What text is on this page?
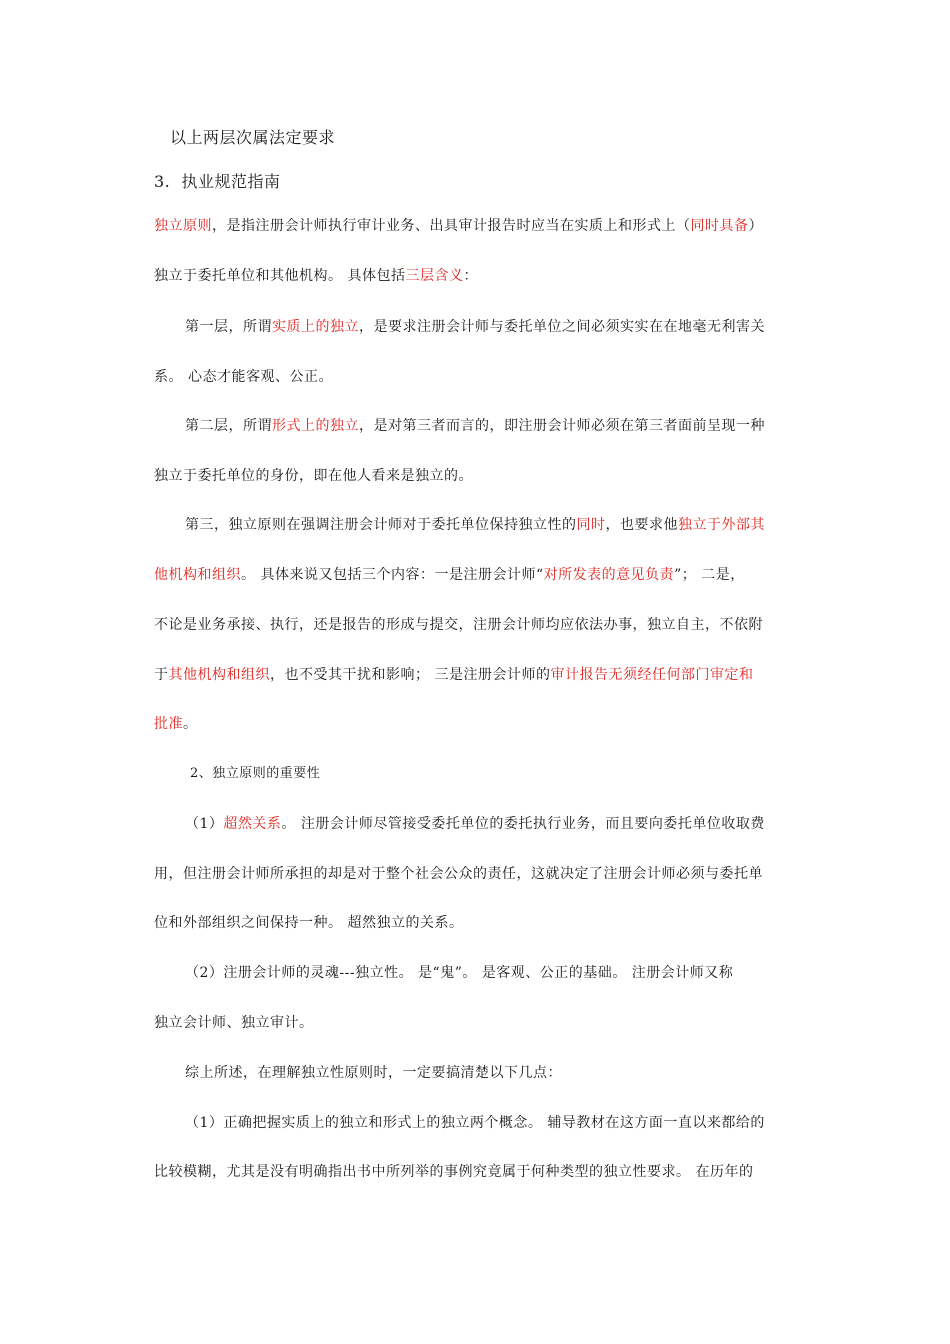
以上两层次属法定要求
3. 执业规范指南
独立原则，是指注册会计师执行审计业务、出具审计报告时应当在实质上和形式上（同时具备）
独立于委托单位和其他机构。 具体包括三层含义：
第一层，所谓实质上的独立，是要求注册会计师与委托单位之间必须实实在在地毫无利害关
系。 心态才能客观、公正。
第二层，所谓形式上的独立，是对第三者而言的，即注册会计师必须在第三者面前呈现一种
独立于委托单位的身份，即在他人看来是独立的。
第三，独立原则在强调注册会计师对于委托单位保持独立性的同时，也要求他独立于外部其
他机构和组织。 具体来说又包括三个内容：一是注册会计师“对所发表的意见负责”； 二是，
不论是业务承接、执行，还是报告的形成与提交，注册会计师均应依法办事，独立自主，不依附
于其他机构和组织，也不受其干扰和影响； 三是注册会计师的审计报告无须经任何部门审定和
批准。
2、独立原则的重要性
（1）超然关系。 注册会计师尽管接受委托单位的委托执行业务，而且要向委托单位收取费
用，但注册会计师所承担的却是对于整个社会公众的责任，这就决定了注册会计师必须与委托单
位和外部组织之间保持一种。 超然独立的关系。
（2）注册会计师的灵魂---独立性。 是“鬼”。 是客观、公正的基础。 注册会计师又称
独立会计师、独立审计。
综上所述，在理解独立性原则时，一定要搞清楚以下几点：
（1）正确把握实质上的独立和形式上的独立两个概念。 辅导教材在这方面一直以来都给的
比较模糊，尤其是没有明确指出书中所列举的事例究竟属于何种类型的独立性要求。 在历年的
